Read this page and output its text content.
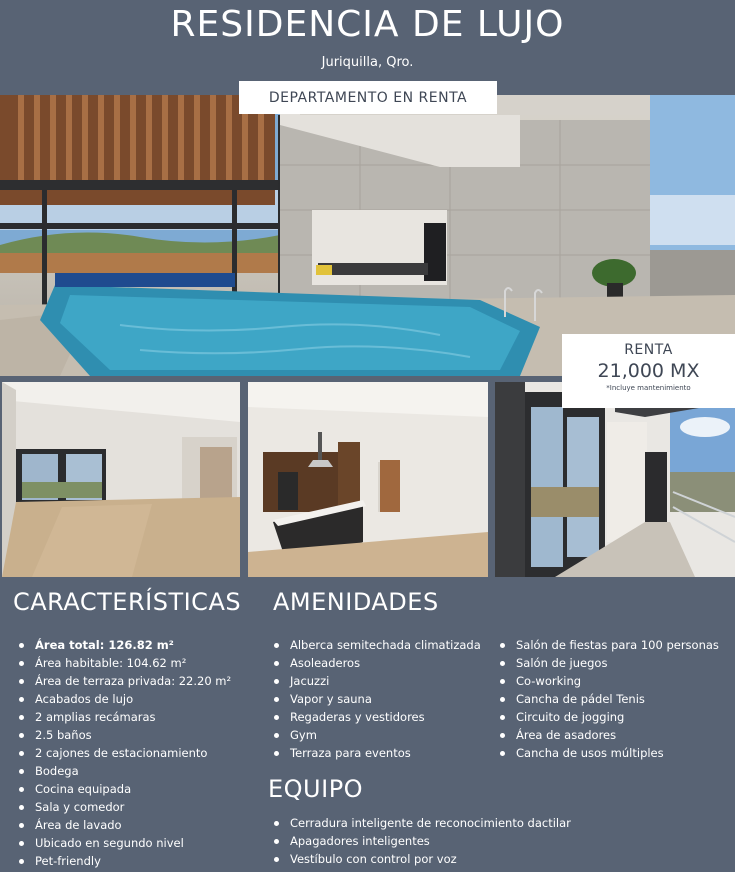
RESIDENCIA DE LUJO
Juriquilla, Qro.
DEPARTAMENTO EN RENTA
RENTA
21,000 MX
*Incluye mantenimiento
CARACTERÍSTICAS
Área total: 126.82 m²
Área habitable: 104.62 m²
Área de terraza privada: 22.20 m²
Acabados de lujo
2 amplias recámaras
2.5 baños
2 cajones de estacionamiento
Bodega
Cocina equipada
Sala y comedor
Área de lavado
Ubicado en segundo nivel
Pet-friendly
AMENIDADES
Alberca semitechada climatizada
Asoleaderos
Jacuzzi
Vapor y sauna
Regaderas y vestidores
Gym
Terraza para eventos
Salón de fiestas para 100 personas
Salón de juegos
Co-working
Cancha de pádel Tenis
Circuito de jogging
Área de asadores
Cancha de usos múltiples
EQUIPO
Cerradura inteligente de reconocimiento dactilar
Apagadores inteligentes
Vestíbulo con control por voz
